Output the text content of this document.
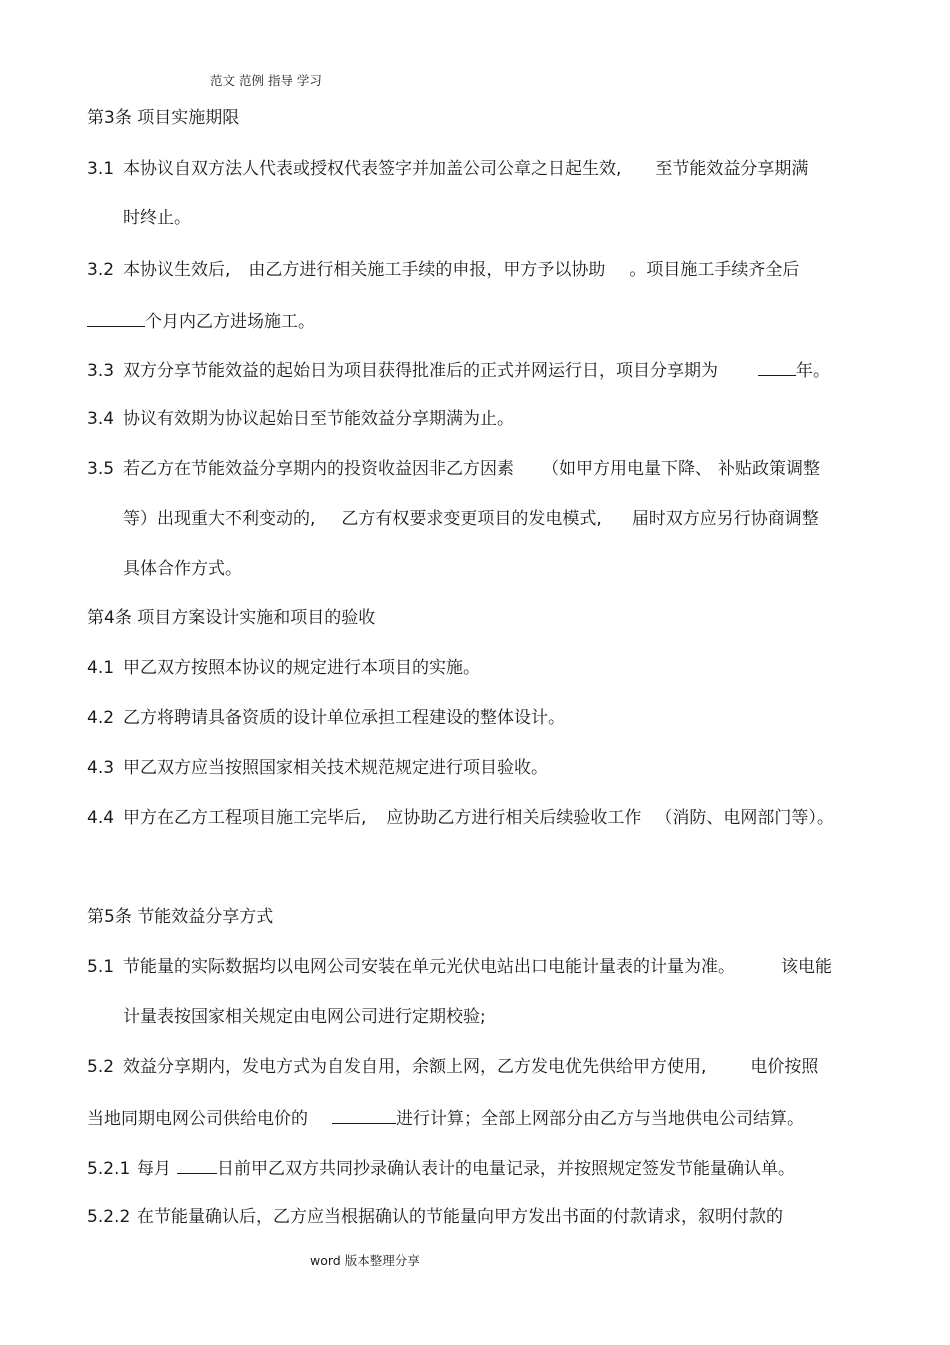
范文 范例 指导 学习
第3条 项目实施期限
3.1 本协议自双方法人代表或授权代表签字并加盖公司公章之日起生效, 至节能效益分享期满
时终止。
3.2 本协议生效后, 由乙方进行相关施工手续的申报，甲方予以协助 。项目施工手续齐全后
个月内乙方进场施工。
3.3 双方分享节能效益的起始日为项目获得批准后的正式并网运行日，项目分享期为	年。
3.4 协议有效期为协议起始日至节能效益分享期满为止。
3.5 若乙方在节能效益分享期内的投资收益因非乙方因素 （如甲方用电量下降、 补贴政策调整
等）出现重大不利变动的, 乙方有权要求变更项目的发电模式, 届时双方应另行协商调整
具体合作方式。
第4条 项目方案设计实施和项目的验收
4.1 甲乙双方按照本协议的规定进行本项目的实施。
4.2 乙方将聘请具备资质的设计单位承担工程建设的整体设计。
4.3 甲乙双方应当按照国家相关技术规范规定进行项目验收。
4.4 甲方在乙方工程项目施工完毕后, 应协助乙方进行相关后续验收工作 （消防、电网部门等）。
第5条 节能效益分享方式
5.1 节能量的实际数据均以电网公司安装在单元光伏电站出口电能计量表的计量为准。	该电能
计量表按国家相关规定由电网公司进行定期校验;
5.2 效益分享期内，发电方式为自发自用，余额上网，乙方发电优先供给甲方使用,	电价按照
当地同期电网公司供给电价的	进行计算；全部上网部分由乙方与当地供电公司结算。
5.2.1 每月	日前甲乙双方共同抄录确认表计的电量记录，并按照规定签发节能量确认单。
5.2.2 在节能量确认后，乙方应当根据确认的节能量向甲方发出书面的付款请求，叙明付款的
word 版本整理分享
